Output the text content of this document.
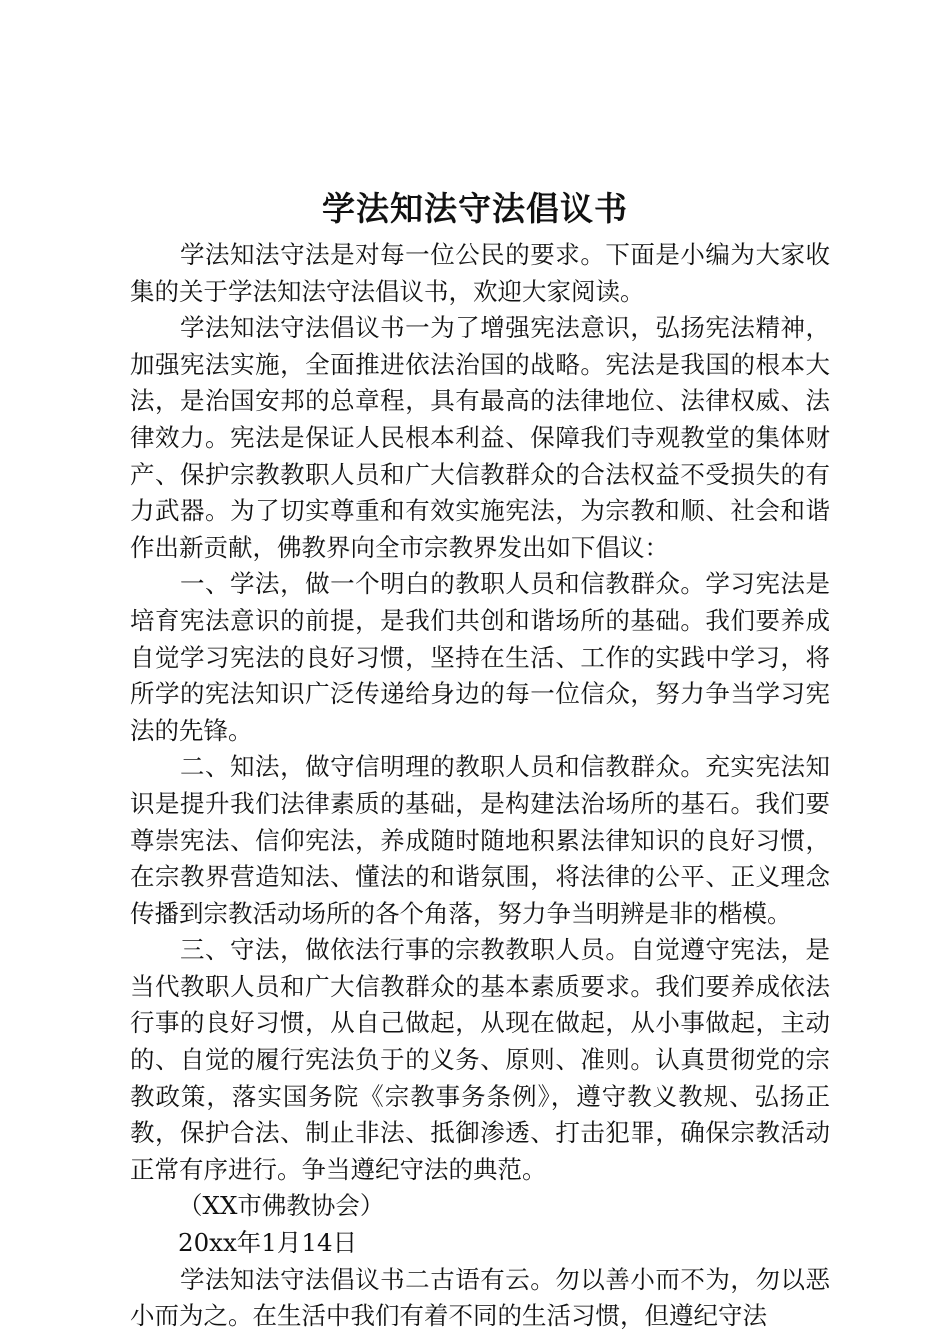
学法知法守法倡议书

学法知法守法是对每一位公民的要求。下面是小编为大家收集的关于学法知法守法倡议书，欢迎大家阅读。

学法知法守法倡议书一为了增强宪法意识，弘扬宪法精神，加强宪法实施，全面推进依法治国的战略。宪法是我国的根本大法，是治国安邦的总章程，具有最高的法律地位、法律权威、法律效力。宪法是保证人民根本利益、保障我们寺观教堂的集体财产、保护宗教教职人员和广大信教群众的合法权益不受损失的有力武器。为了切实尊重和有效实施宪法，为宗教和顺、社会和谐作出新贡献，佛教界向全市宗教界发出如下倡议：

一、学法，做一个明白的教职人员和信教群众。学习宪法是培育宪法意识的前提，是我们共创和谐场所的基础。我们要养成自觉学习宪法的良好习惯，坚持在生活、工作的实践中学习，将所学的宪法知识广泛传递给身边的每一位信众，努力争当学习宪法的先锋。

二、知法，做守信明理的教职人员和信教群众。充实宪法知识是提升我们法律素质的基础，是构建法治场所的基石。我们要尊崇宪法、信仰宪法，养成随时随地积累法律知识的良好习惯，在宗教界营造知法、懂法的和谐氛围，将法律的公平、正义理念传播到宗教活动场所的各个角落，努力争当明辨是非的楷模。

三、守法，做依法行事的宗教教职人员。自觉遵守宪法，是当代教职人员和广大信教群众的基本素质要求。我们要养成依法行事的良好习惯，从自己做起，从现在做起，从小事做起，主动的、自觉的履行宪法负于的义务、原则、准则。认真贯彻党的宗教政策，落实国务院《宗教事务条例》，遵守教义教规、弘扬正教，保护合法、制止非法、抵御渗透、打击犯罪，确保宗教活动正常有序进行。争当遵纪守法的典范。

（XX市佛教协会）

20xx年1月14日

学法知法守法倡议书二古语有云。勿以善小而不为，勿以恶小而为之。在生活中我们有着不同的生活习惯，但遵纪守法
